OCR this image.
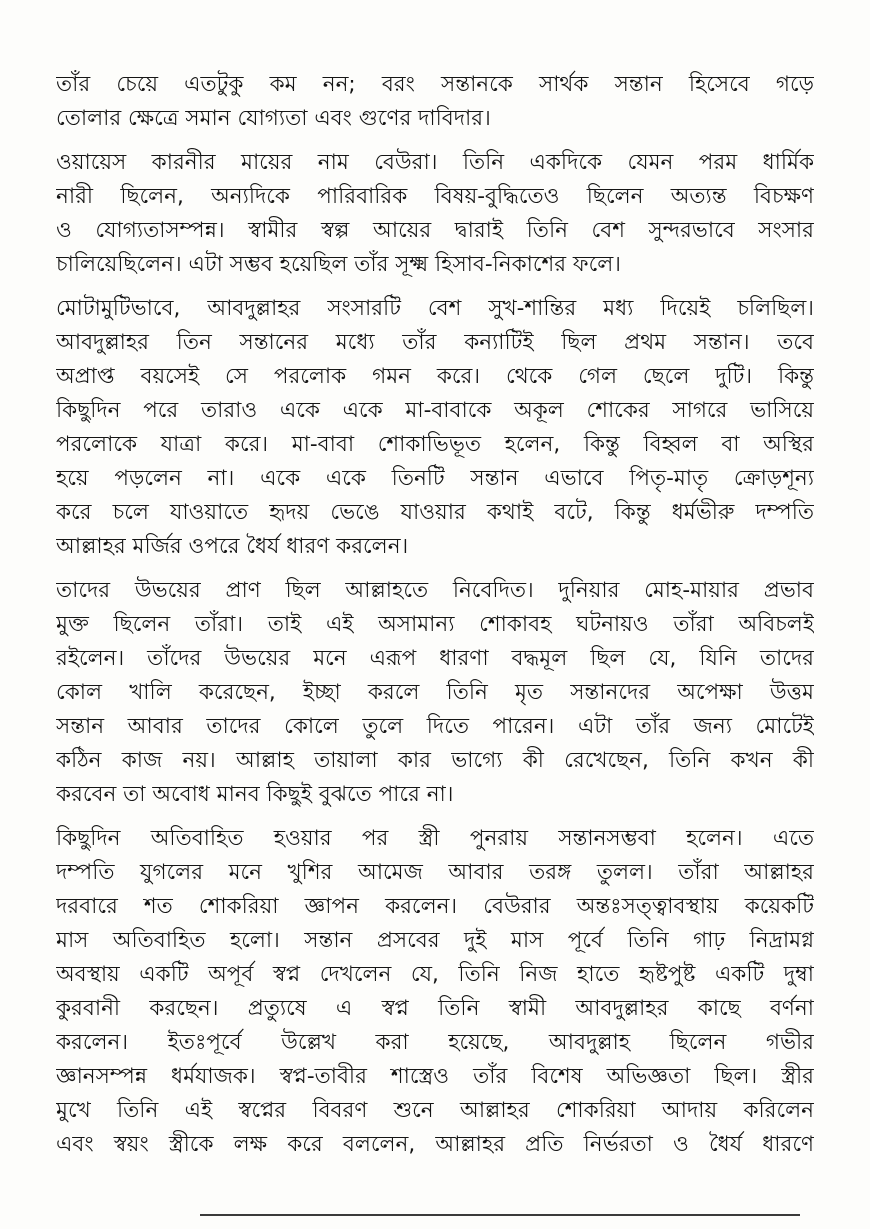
তাঁর চেয়ে এতটুকু কম নন; বরং সন্তানকে সার্থক সন্তান হিসেবে গড়ে
তোলার ক্ষেত্রে সমান যোগ্যতা এবং গুণের দাবিদার।

ওয়ায়েস কারনীর মায়ের নাম বেউরা। তিনি একদিকে যেমন পরম ধার্মিক
নারী ছিলেন, অন্যদিকে পারিবারিক বিষয়-বুদ্ধিতেও ছিলেন অত্যন্ত বিচক্ষণ
ও যোগ্যতাসম্পন্ন। স্বামীর স্বল্প আয়ের দ্বারাই তিনি বেশ সুন্দরভাবে সংসার
চালিয়েছিলেন। এটা সম্ভব হয়েছিল তাঁর সূক্ষ্ম হিসাব-নিকাশের ফলে।

মোটামুটিভাবে, আবদুল্লাহর সংসারটি বেশ সুখ-শান্তির মধ্য দিয়েই চলিছিল।
আবদুল্লাহর তিন সন্তানের মধ্যে তাঁর কন্যাটিই ছিল প্রথম সন্তান। তবে
অপ্রাপ্ত বয়সেই সে পরলোক গমন করে। থেকে গেল ছেলে দুটি। কিন্তু
কিছুদিন পরে তারাও একে একে মা-বাবাকে অকূল শোকের সাগরে ভাসিয়ে
পরলোকে যাত্রা করে। মা-বাবা শোকাভিভূত হলেন, কিন্তু বিহ্বল বা অস্থির
হয়ে পড়লেন না। একে একে তিনটি সন্তান এভাবে পিতৃ-মাতৃ ক্রোড়শূন্য
করে চলে যাওয়াতে হৃদয় ভেঙে যাওয়ার কথাই বটে, কিন্তু ধর্মভীরু দম্পতি
আল্লাহর মর্জির ওপরে ধৈর্য ধারণ করলেন।

তাদের উভয়ের প্রাণ ছিল আল্লাহতে নিবেদিত। দুনিয়ার মোহ-মায়ার প্রভাব
মুক্ত ছিলেন তাঁরা। তাই এই অসামান্য শোকাবহ ঘটনায়ও তাঁরা অবিচলই
রইলেন। তাঁদের উভয়ের মনে এরূপ ধারণা বদ্ধমূল ছিল যে, যিনি তাদের
কোল খালি করেছেন, ইচ্ছা করলে তিনি মৃত সন্তানদের অপেক্ষা উত্তম
সন্তান আবার তাদের কোলে তুলে দিতে পারেন। এটা তাঁর জন্য মোটেই
কঠিন কাজ নয়। আল্লাহ তায়ালা কার ভাগ্যে কী রেখেছেন, তিনি কখন কী
করবেন তা অবোধ মানব কিছুই বুঝতে পারে না।

কিছুদিন অতিবাহিত হওয়ার পর স্ত্রী পুনরায় সন্তানসম্ভবা হলেন। এতে
দম্পতি যুগলের মনে খুশির আমেজ আবার তরঙ্গ তুলল। তাঁরা আল্লাহর
দরবারে শত শোকরিয়া জ্ঞাপন করলেন। বেউরার অন্তঃসত্ত্বাবস্থায় কয়েকটি
মাস অতিবাহিত হলো। সন্তান প্রসবের দুই মাস পূর্বে তিনি গাঢ় নিদ্রামগ্ন
অবস্থায় একটি অপূর্ব স্বপ্ন দেখলেন যে, তিনি নিজ হাতে হৃষ্টপুষ্ট একটি দুম্বা
কুরবানী করছেন। প্রত্যুষে এ স্বপ্ন তিনি স্বামী আবদুল্লাহর কাছে বর্ণনা
করলেন। ইতঃপূর্বে উল্লেখ করা হয়েছে, আবদুল্লাহ ছিলেন গভীর
জ্ঞানসম্পন্ন ধর্মযাজক। স্বপ্ন-তাবীর শাস্ত্রেও তাঁর বিশেষ অভিজ্ঞতা ছিল। স্ত্রীর
মুখে তিনি এই স্বপ্নের বিবরণ শুনে আল্লাহর শোকরিয়া আদায় করিলেন
এবং স্বয়ং স্ত্রীকে লক্ষ করে বললেন, আল্লাহর প্রতি নির্ভরতা ও ধৈর্য ধারণে
